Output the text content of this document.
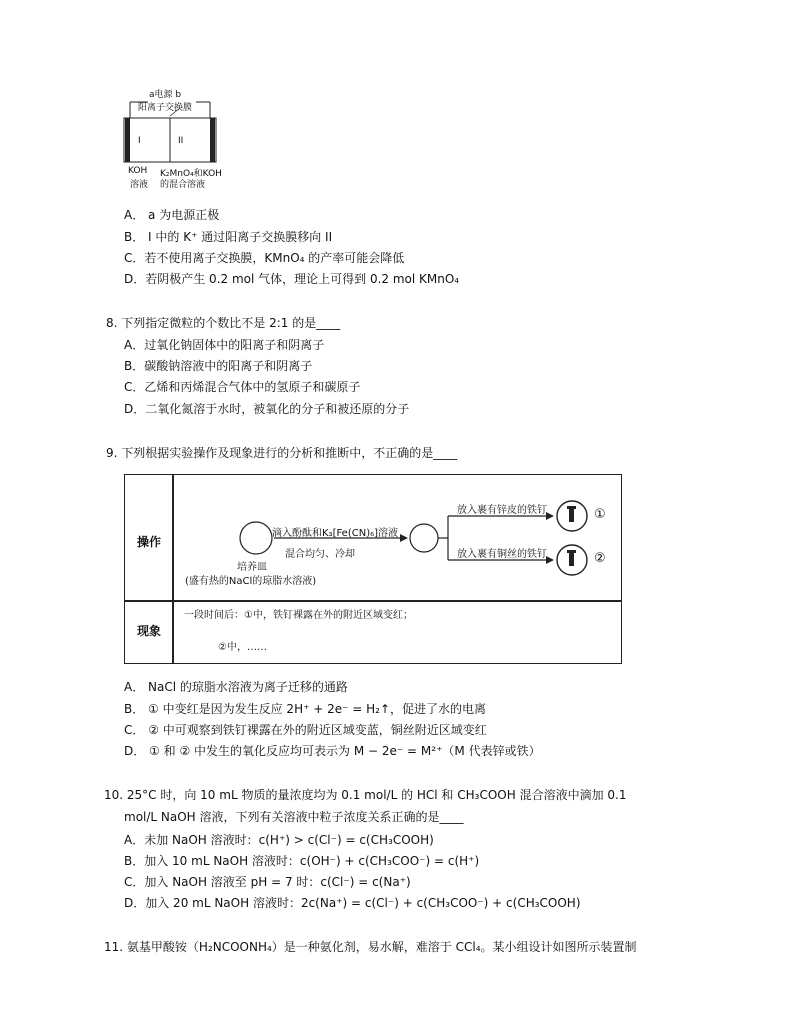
a电源 b
阳离子交换膜
I	II
KOH
溶液
K₂MnO₄和KOH
的混合溶液
A． a 为电源正极
B． I 中的 K⁺ 通过阳离子交换膜移向 II
C．若不使用离子交换膜，KMnO₄ 的产率可能会降低
D．若阴极产生 0.2 mol 气体，理论上可得到 0.2 mol KMnO₄
8. 下列指定微粒的个数比不是 2:1 的是____
A．过氧化钠固体中的阳离子和阴离子
B．碳酸钠溶液中的阳离子和阴离子
C．乙烯和丙烯混合气体中的氢原子和碳原子
D．二氧化氮溶于水时，被氧化的分子和被还原的分子
9. 下列根据实验操作及现象进行的分析和推断中，不正确的是____
操作
现象
滴入酚酞和K₃[Fe(CN)₆]溶液
混合均匀、冷却
培养皿
(盛有热的NaCl的琼脂水溶液)
放入裹有锌皮的铁钉
放入裹有铜丝的铁钉
①
②
一段时间后：①中，铁钉裸露在外的附近区域变红；
②中，……
A． NaCl 的琼脂水溶液为离子迁移的通路
B． ① 中变红是因为发生反应 2H⁺ + 2e⁻ = H₂↑，促进了水的电离
C． ② 中可观察到铁钉裸露在外的附近区域变蓝，铜丝附近区域变红
D． ① 和 ② 中发生的氧化反应均可表示为 M − 2e⁻ = M²⁺（M 代表锌或铁）
10. 25°C 时，向 10 mL 物质的量浓度均为 0.1 mol/L 的 HCl 和 CH₃COOH 混合溶液中滴加 0.1
mol/L NaOH 溶液，下列有关溶液中粒子浓度关系正确的是____
A．未加 NaOH 溶液时：c(H⁺) > c(Cl⁻) = c(CH₃COOH)
B．加入 10 mL NaOH 溶液时：c(OH⁻) + c(CH₃COO⁻) = c(H⁺)
C．加入 NaOH 溶液至 pH = 7 时：c(Cl⁻) = c(Na⁺)
D．加入 20 mL NaOH 溶液时：2c(Na⁺) = c(Cl⁻) + c(CH₃COO⁻) + c(CH₃COOH)
11. 氨基甲酸铵（H₂NCOONH₄）是一种氨化剂，易水解，难溶于 CCl₄。某小组设计如图所示装置制
